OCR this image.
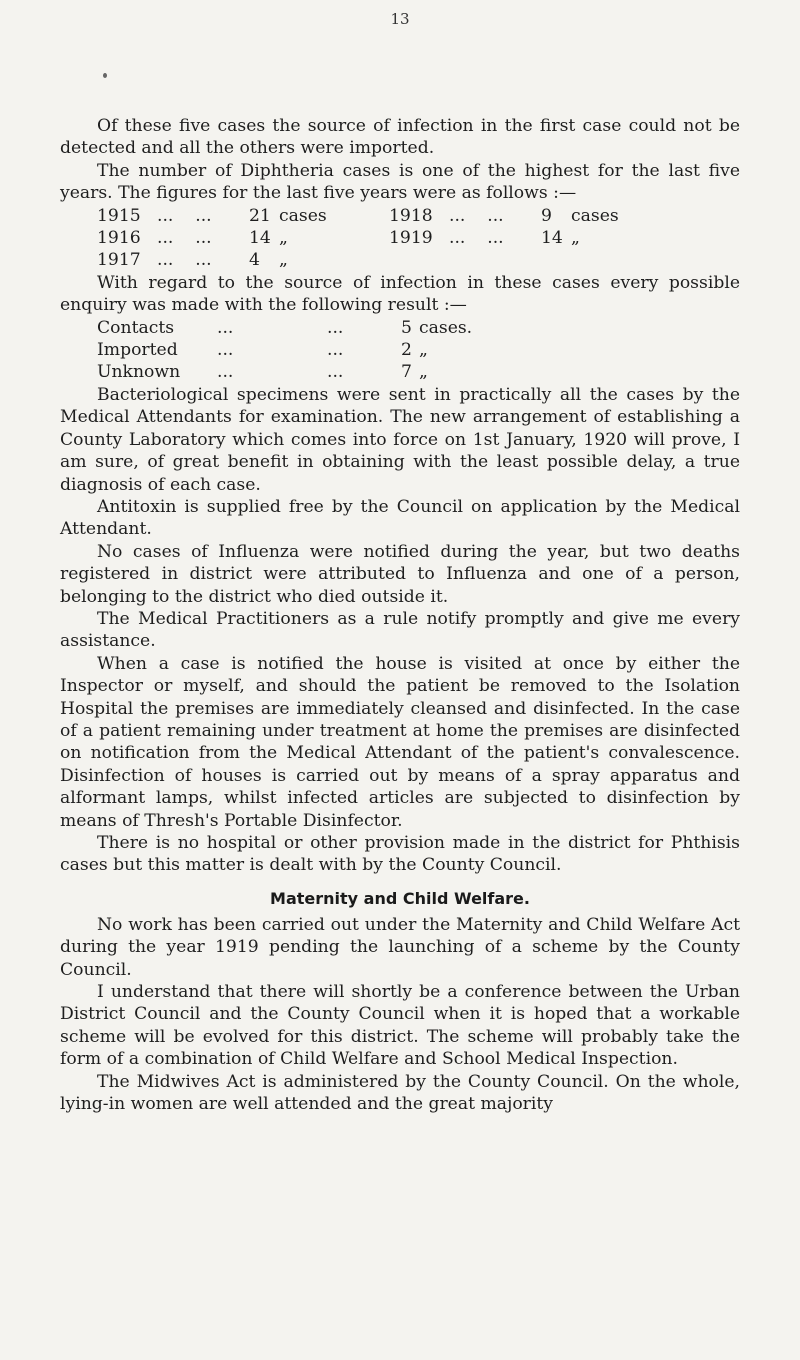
13

Of these five cases the source of infection in the first case could not be detected and all the others were imported.

The number of Diphtheria cases is one of the highest for the last five years. The figures for the last five years were as follows :—

1915	...    ...	21	cases	1918	...    ...	9	cases
1916	...    ...	14	„	1919	...    ...	14	„
1917	...    ...	4	„				

With regard to the source of infection in these cases every possible enquiry was made with the following result :—

Contacts	...	...	5	cases.
Imported	...	...	2	„
Unknown	...	...	7	„

Bacteriological specimens were sent in practically all the cases by the Medical Attendants for examination. The new arrangement of establishing a County Laboratory which comes into force on 1st January, 1920 will prove, I am sure, of great benefit in obtaining with the least possible delay, a true diagnosis of each case.

Antitoxin is supplied free by the Council on application by the Medical Attendant.

No cases of Influenza were notified during the year, but two deaths registered in district were attributed to Influenza and one of a person, belonging to the district who died outside it.

The Medical Practitioners as a rule notify promptly and give me every assistance.

When a case is notified the house is visited at once by either the Inspector or myself, and should the patient be removed to the Isolation Hospital the premises are immediately cleansed and disinfected. In the case of a patient remaining under treatment at home the premises are disinfected on notification from the Medical Attendant of the patient's convalescence. Disinfection of houses is carried out by means of a spray apparatus and alformant lamps, whilst infected articles are subjected to disinfection by means of Thresh's Portable Disinfector.

There is no hospital or other provision made in the district for Phthisis cases but this matter is dealt with by the County Council.

Maternity and Child Welfare.

No work has been carried out under the Maternity and Child Welfare Act during the year 1919 pending the launching of a scheme by the County Council.

I understand that there will shortly be a conference between the Urban District Council and the County Council when it is hoped that a workable scheme will be evolved for this district. The scheme will probably take the form of a combination of Child Welfare and School Medical Inspection.

The Midwives Act is administered by the County Council. On the whole, lying-in women are well attended and the great majority
